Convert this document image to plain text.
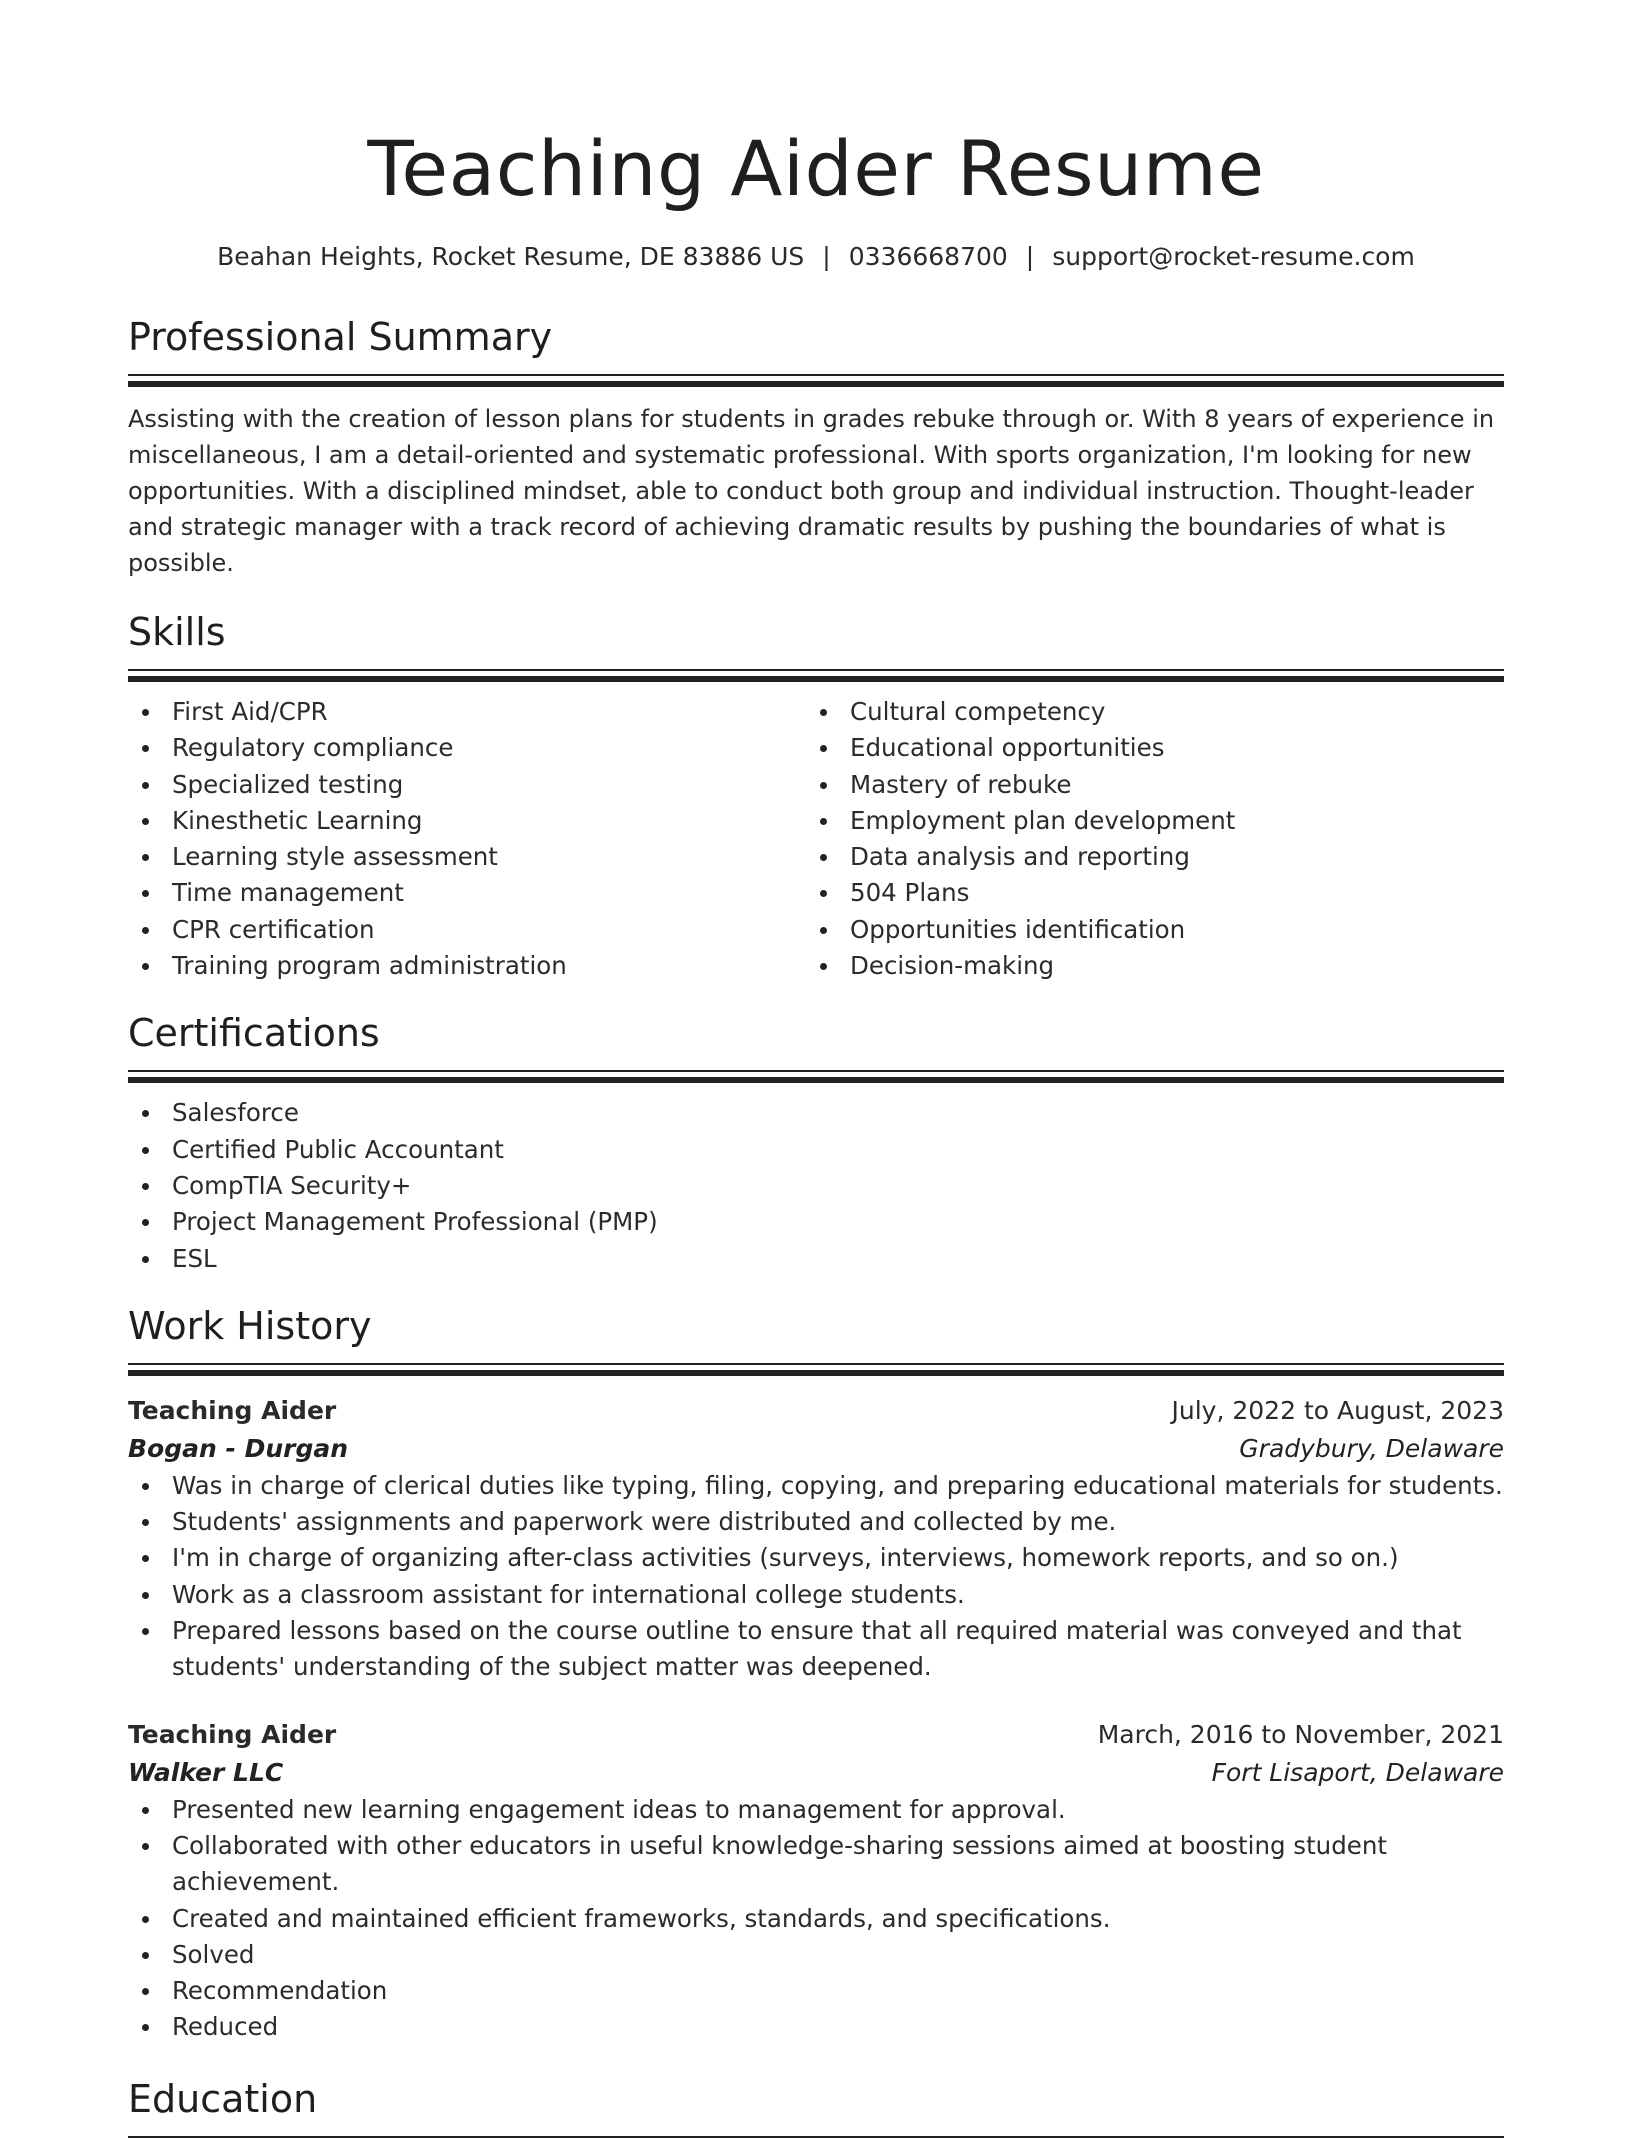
Teaching Aider Resume
Beahan Heights, Rocket Resume, DE 83886 US | 0336668700 | support@rocket-resume.com
Professional Summary

Assisting with the creation of lesson plans for students in grades rebuke through or. With 8 years of experience in miscellaneous, I am a detail-oriented and systematic professional. With sports organization, I'm looking for new opportunities. With a disciplined mindset, able to conduct both group and individual instruction. Thought-leader and strategic manager with a track record of achieving dramatic results by pushing the boundaries of what is possible.

Skills
First Aid/CPR
Regulatory compliance
Specialized testing
Kinesthetic Learning
Learning style assessment
Time management
CPR certification
Training program administration
Cultural competency
Educational opportunities
Mastery of rebuke
Employment plan development
Data analysis and reporting
504 Plans
Opportunities identification
Decision-making
Certifications
Salesforce
Certified Public Accountant
CompTIA Security+
Project Management Professional (PMP)
ESL
Work History
Teaching Aider	July, 2022 to August, 2023
Bogan - Durgan	Gradybury, Delaware
Was in charge of clerical duties like typing, filing, copying, and preparing educational materials for students.
Students' assignments and paperwork were distributed and collected by me.
I'm in charge of organizing after-class activities (surveys, interviews, homework reports, and so on.)
Work as a classroom assistant for international college students.
Prepared lessons based on the course outline to ensure that all required material was conveyed and that students' understanding of the subject matter was deepened.
Teaching Aider	March, 2016 to November, 2021
Walker LLC	Fort Lisaport, Delaware
Presented new learning engagement ideas to management for approval.
Collaborated with other educators in useful knowledge-sharing sessions aimed at boosting student achievement.
Created and maintained efficient frameworks, standards, and specifications.
Solved
Recommendation
Reduced
Education
